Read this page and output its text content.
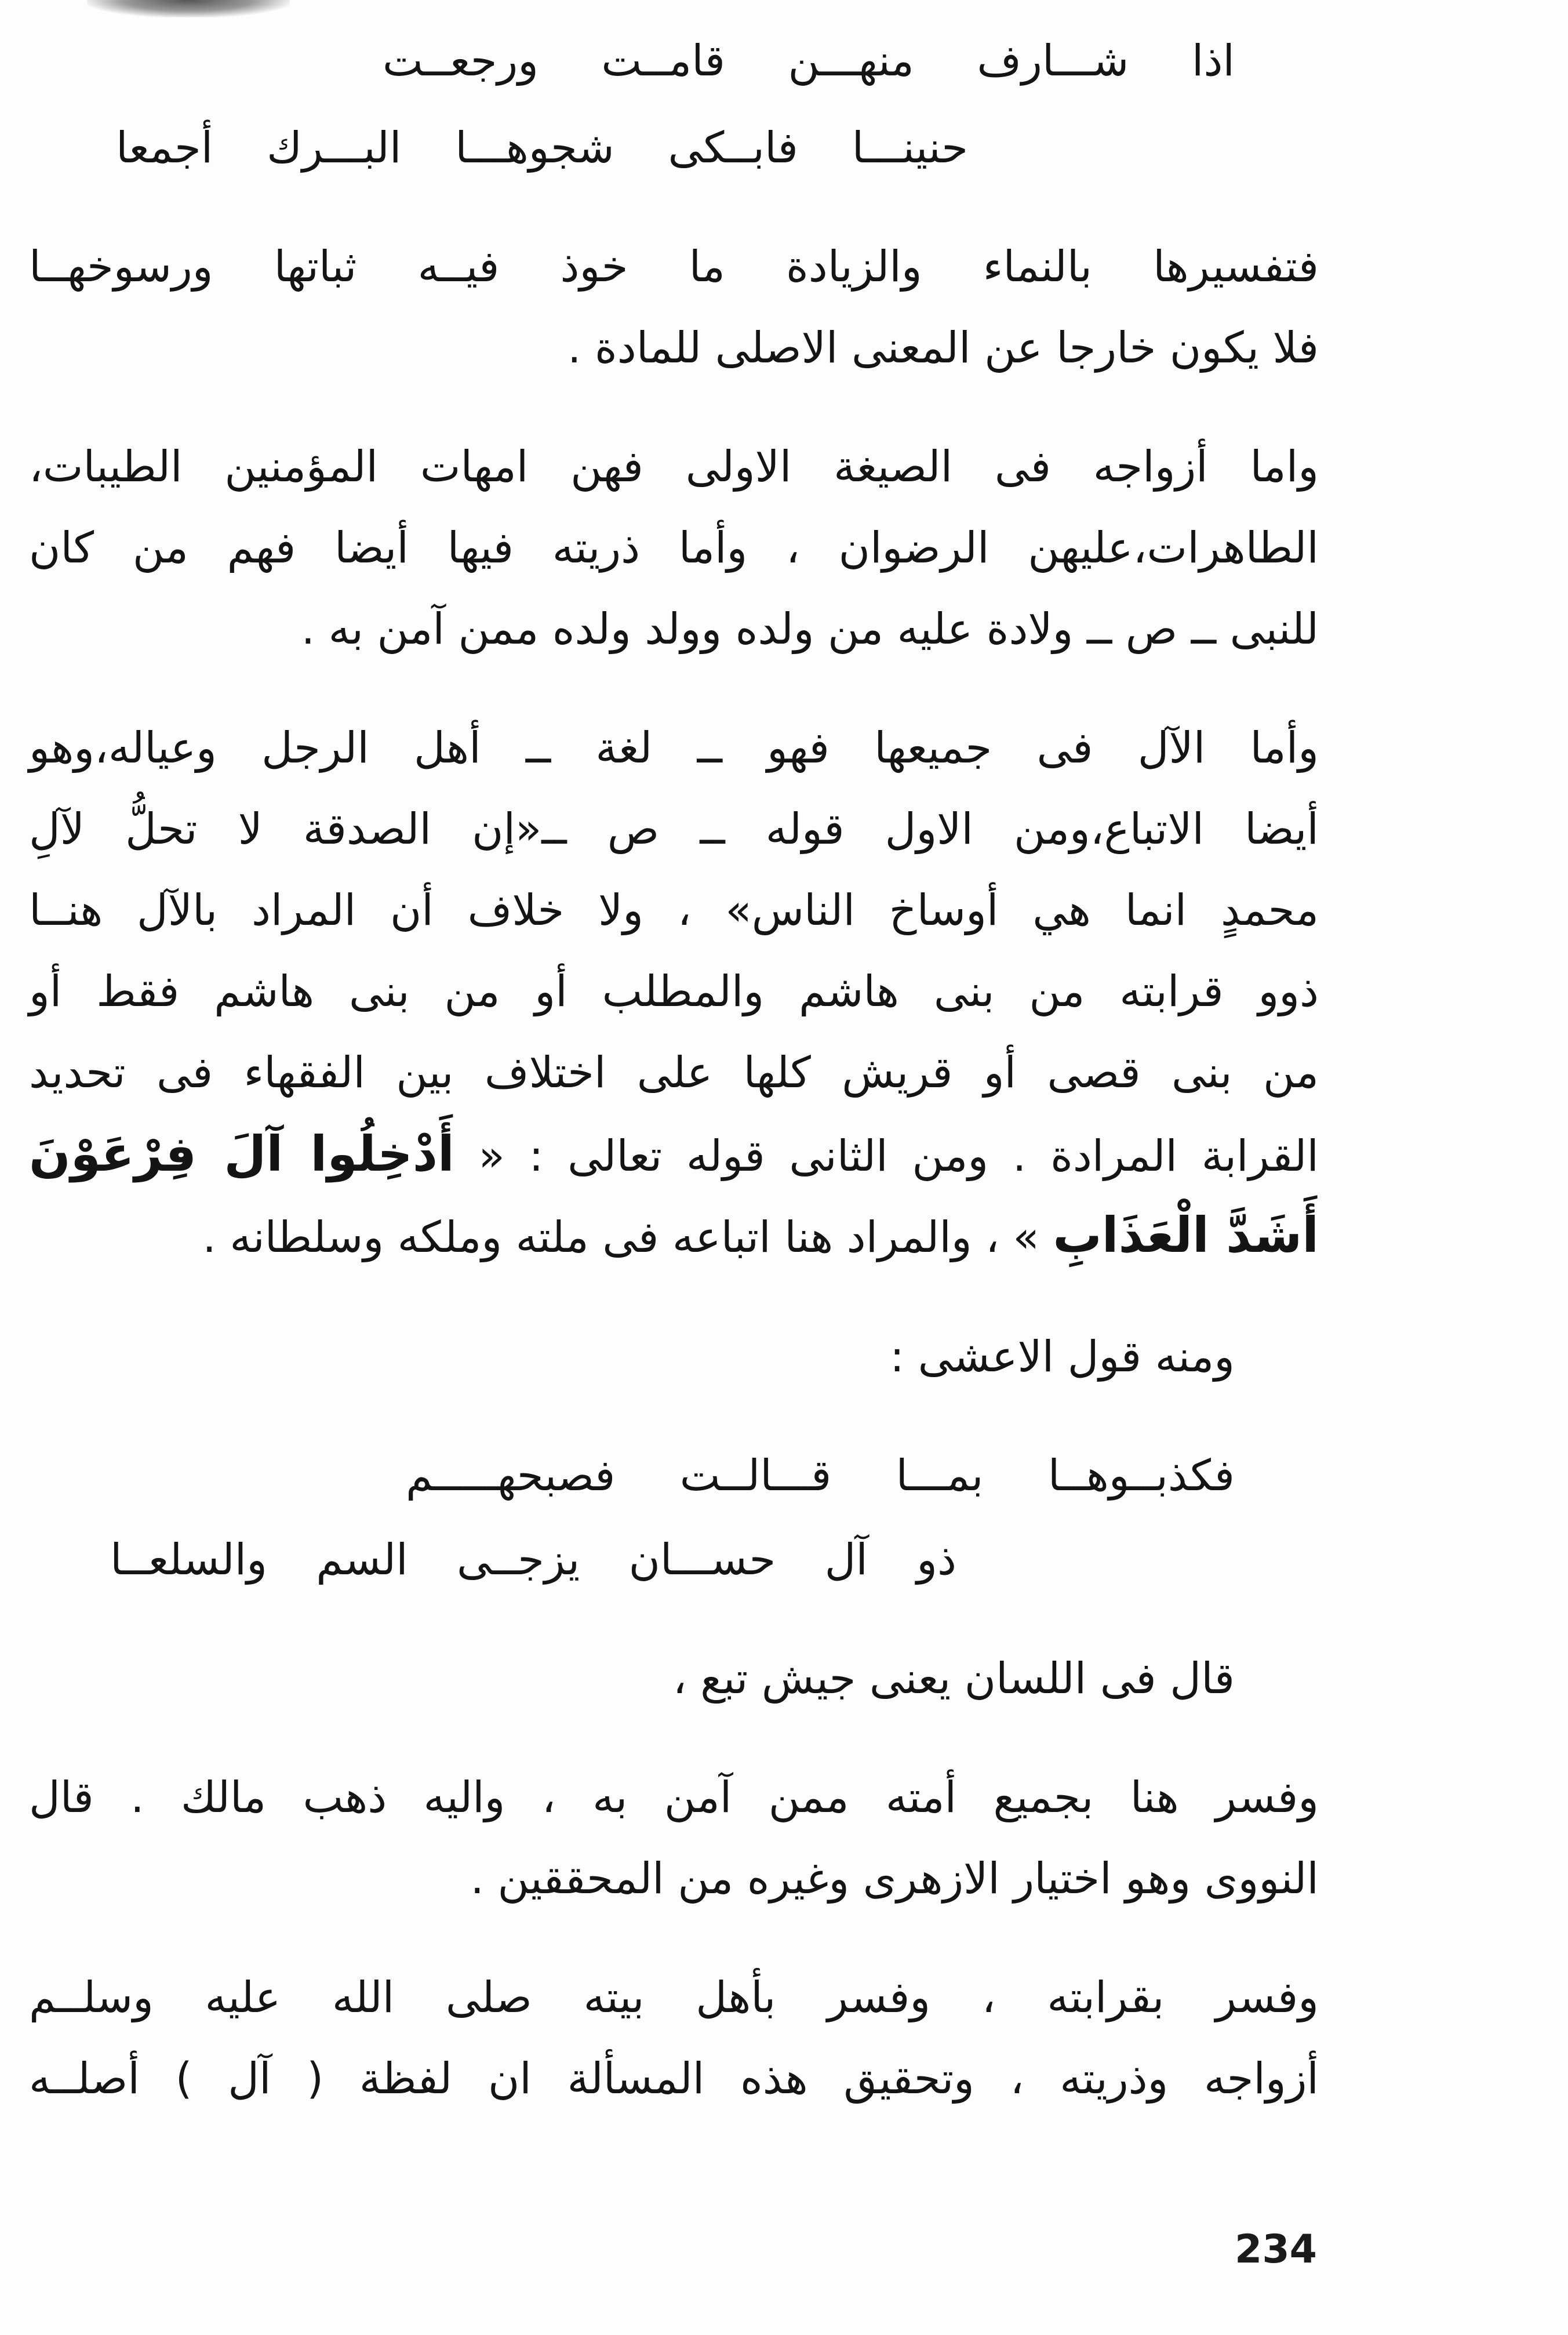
اذا شـــارف منهـــن قامــت ورجعــت
حنينـــا فابــكى شجوهـــا البـــرك أجمعا
فتفسيرها بالنماء والزيادة ما خوذ فيــه ثباتها ورسوخهــا
فلا يكون خارجا عن المعنى الاصلى للمادة .
واما أزواجه فى الصيغة الاولى فهن امهات المؤمنين الطيبات،
الطاهرات،عليهن الرضوان ، وأما ذريته فيها أيضا فهم من كان
للنبى ــ ص ــ ولادة عليه من ولده وولد ولده ممن آمن به .
وأما الآل فى جميعها فهو ــ لغة ــ أهل الرجل وعياله،وهو
أيضا الاتباع،ومن الاول قوله ــ ص ــ«إن الصدقة لا تحلُّ لآلِ
محمدٍ انما هي أوساخ الناس» ، ولا خلاف أن المراد بالآل هنــا
ذوو قرابته من بنى هاشم والمطلب أو من بنى هاشم فقط أو
من بنى قصى أو قريش كلها على اختلاف بين الفقهاء فى تحديد
القرابة المرادة . ومن الثانى قوله تعالى : « أَدْخِلُوا آلَ فِرْعَوْنَ
أَشَدَّ الْعَذَابِ » ، والمراد هنا اتباعه فى ملته وملكه وسلطانه .
ومنه قول الاعشى :
فكذبــوهــا بمـــا قـــالــت فصبحهـــــم
ذو آل حســـان يزجــى السم والسلعــا
قال فى اللسان يعنى جيش تبع ،
وفسر هنا بجميع أمته ممن آمن به ، واليه ذهب مالك . قال
النووى وهو اختيار الازهرى وغيره من المحققين .
وفسر بقرابته ، وفسر بأهل بيته صلى الله عليه وسلــم
أزواجه وذريته ، وتحقيق هذه المسألة ان لفظة ( آل ) أصلــه
234
